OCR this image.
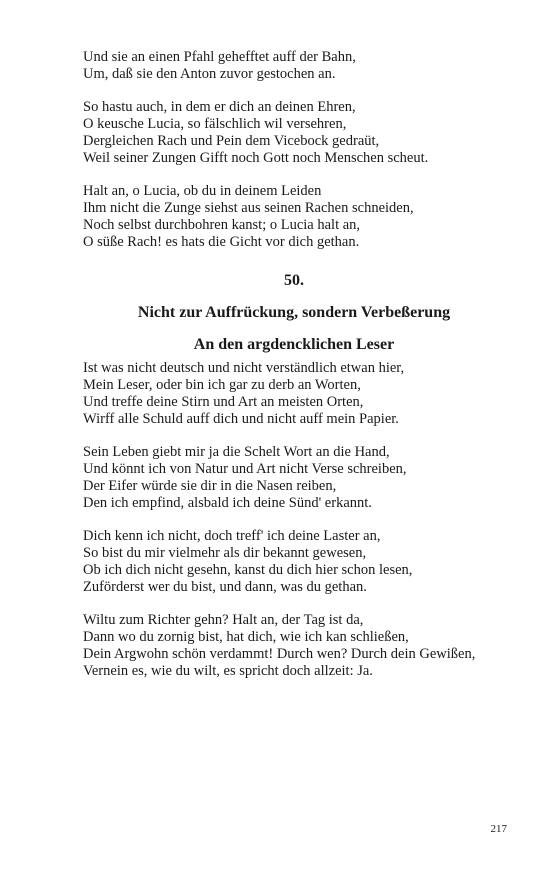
Und sie an einen Pfahl gehefftet auff der Bahn,
Um, daß sie den Anton zuvor gestochen an.
So hastu auch, in dem er dich an deinen Ehren,
O keusche Lucia, so fälschlich wil versehren,
Dergleichen Rach und Pein dem Vicebock gedraüt,
Weil seiner Zungen Gifft noch Gott noch Menschen scheut.
Halt an, o Lucia, ob du in deinem Leiden
Ihm nicht die Zunge siehst aus seinen Rachen schneiden,
Noch selbst durchbohren kanst; o Lucia halt an,
O süße Rach! es hats die Gicht vor dich gethan.
50.
Nicht zur Auffrückung, sondern Verbeßerung
An den argdencklichen Leser
Ist was nicht deutsch und nicht verständlich etwan hier,
Mein Leser, oder bin ich gar zu derb an Worten,
Und treffe deine Stirn und Art an meisten Orten,
Wirff alle Schuld auff dich und nicht auff mein Papier.
Sein Leben giebt mir ja die Schelt Wort an die Hand,
Und könnt ich von Natur und Art nicht Verse schreiben,
Der Eifer würde sie dir in die Nasen reiben,
Den ich empfind, alsbald ich deine Sünd' erkannt.
Dich kenn ich nicht, doch treff' ich deine Laster an,
So bist du mir vielmehr als dir bekannt gewesen,
Ob ich dich nicht gesehn, kanst du dich hier schon lesen,
Zuförderst wer du bist, und dann, was du gethan.
Wiltu zum Richter gehn? Halt an, der Tag ist da,
Dann wo du zornig bist, hat dich, wie ich kan schließen,
Dein Argwohn schön verdammt! Durch wen? Durch dein Gewißen,
Vernein es, wie du wilt, es spricht doch allzeit: Ja.
217
